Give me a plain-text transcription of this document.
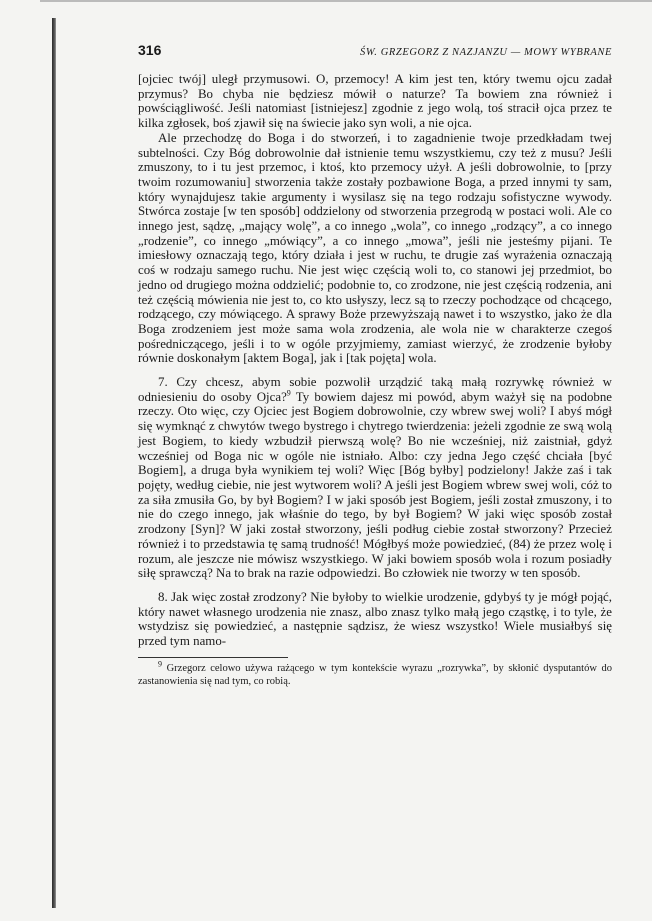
316	ŚW. GRZEGORZ Z NAZJANZU — MOWY WYBRANE

[ojciec twój] uległ przymusowi. O, przemocy! A kim jest ten, który twemu ojcu zadał przymus? Bo chyba nie będziesz mówił o naturze? Ta bowiem zna również i powściągliwość. Jeśli natomiast [istniejesz] zgodnie z jego wolą, toś stracił ojca przez te kilka zgłosek, boś zjawił się na świecie jako syn woli, a nie ojca.

Ale przechodzę do Boga i do stworzeń, i to zagadnienie twoje przedkładam twej subtelności. Czy Bóg dobrowolnie dał istnienie temu wszystkiemu, czy też z musu? Jeśli zmuszony, to i tu jest przemoc, i ktoś, kto przemocy użył. A jeśli dobrowolnie, to [przy twoim rozumowaniu] stworzenia także zostały pozbawione Boga, a przed innymi ty sam, który wynajdujesz takie argumenty i wysilasz się na tego rodzaju sofistyczne wywody. Stwórca zostaje [w ten sposób] oddzielony od stworzenia przegrodą w postaci woli. Ale co innego jest, sądzę, „mający wolę”, a co innego „wola”, co innego „rodzący”, a co innego „rodzenie”, co innego „mówiący”, a co innego „mowa”, jeśli nie jesteśmy pijani. Te imiesłowy oznaczają tego, który działa i jest w ruchu, te drugie zaś wyrażenia oznaczają coś w rodzaju samego ruchu. Nie jest więc częścią woli to, co stanowi jej przedmiot, bo jedno od drugiego można oddzielić; podobnie to, co zrodzone, nie jest częścią rodzenia, ani też częścią mówienia nie jest to, co kto usłyszy, lecz są to rzeczy pochodzące od chcącego, rodzącego, czy mówiącego. A sprawy Boże przewyższają nawet i to wszystko, jako że dla Boga zrodzeniem jest może sama wola zrodzenia, ale wola nie w charakterze czegoś pośredniczącego, jeśli i to w ogóle przyjmiemy, zamiast wierzyć, że zrodzenie byłoby równie doskonałym [aktem Boga], jak i [tak pojęta] wola.

7. Czy chcesz, abym sobie pozwolił urządzić taką małą rozrywkę również w odniesieniu do osoby Ojca?$^9$ Ty bowiem dajesz mi powód, abym ważył się na podobne rzeczy. Oto więc, czy Ojciec jest Bogiem dobrowolnie, czy wbrew swej woli? I abyś mógł się wymknąć z chwytów twego bystrego i chytrego twierdzenia: jeżeli zgodnie ze swą wolą jest Bogiem, to kiedy wzbudził pierwszą wolę? Bo nie wcześniej, niż zaistniał, gdyż wcześniej od Boga nic w ogóle nie istniało. Albo: czy jedna Jego część chciała [być Bogiem], a druga była wynikiem tej woli? Więc [Bóg byłby] podzielony! Jakże zaś i tak pojęty, według ciebie, nie jest wytworem woli? A jeśli jest Bogiem wbrew swej woli, cóż to za siła zmusiła Go, by był Bogiem? I w jaki sposób jest Bogiem, jeśli został zmuszony, i to nie do czego innego, jak właśnie do tego, by był Bogiem? W jaki więc sposób został zrodzony [Syn]? W jaki został stworzony, jeśli podług ciebie został stworzony? Przecież również i to przedstawia tę samą trudność! Mógłbyś może powiedzieć, (84) że przez wolę i rozum, ale jeszcze nie mówisz wszystkiego. W jaki bowiem sposób wola i rozum posiadły siłę sprawczą? Na to brak na razie odpowiedzi. Bo człowiek nie tworzy w ten sposób.

8. Jak więc został zrodzony? Nie byłoby to wielkie urodzenie, gdybyś ty je mógł pojąć, który nawet własnego urodzenia nie znasz, albo znasz tylko małą jego cząstkę, i to tyle, że wstydzisz się powiedzieć, a następnie sądzisz, że wiesz wszystko! Wiele musiałbyś się przed tym namo-

$^9$ Grzegorz celowo używa rażącego w tym kontekście wyrazu „rozrywka”, by skłonić dysputantów do zastanowienia się nad tym, co robią.
